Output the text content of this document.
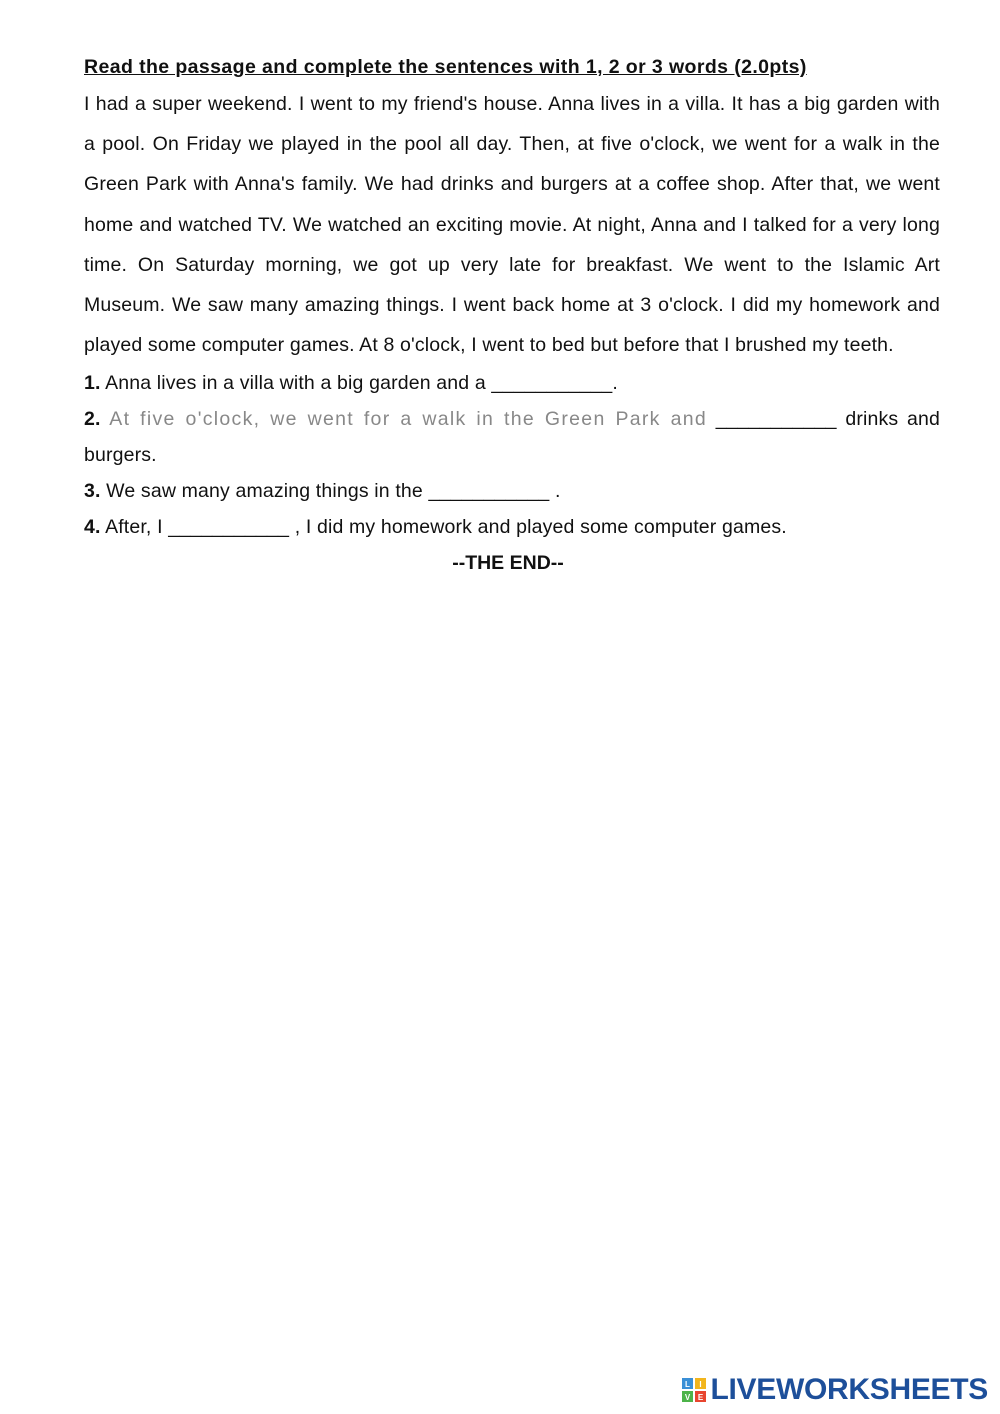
Read the passage and complete the sentences with 1, 2 or 3 words (2.0pts)

I had a super weekend. I went to my friend's house. Anna lives in a villa. It has a big garden with a pool. On Friday we played in the pool all day. Then, at five o'clock, we went for a walk in the Green Park with Anna's family. We had drinks and burgers at a coffee shop. After that, we went home and watched TV. We watched an exciting movie. At night, Anna and I talked for a very long time. On Saturday morning, we got up very late for breakfast. We went to the Islamic Art Museum. We saw many amazing things. I went back home at 3 o'clock. I did my homework and played some computer games. At 8 o'clock, I went to bed but before that I brushed my teeth.

1. Anna lives in a villa with a big garden and a ___________.

2. At five o'clock, we went for a walk in the Green Park and ___________ drinks and burgers.

3. We saw many amazing things in the ___________ .

4. After, I ___________ , I did my homework and played some computer games.

--THE END--

L I
V E LIVEWORKSHEETS
